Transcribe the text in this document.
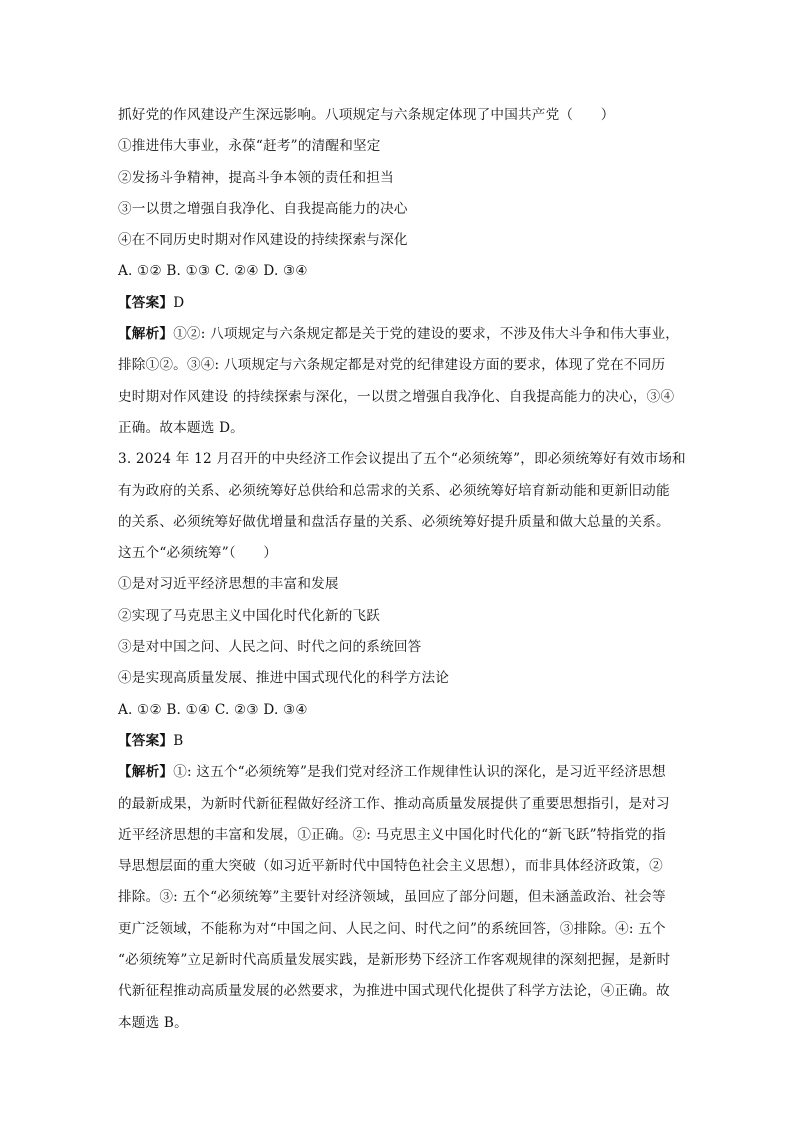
抓好党的作风建设产生深远影响。八项规定与六条规定体现了中国共产党（　　）
①推进伟大事业，永葆“赶考”的清醒和坚定
②发扬斗争精神，提高斗争本领的责任和担当
③一以贯之增强自我净化、自我提高能力的决心
④在不同历史时期对作风建设的持续探索与深化
A. ①② B. ①③ C. ②④ D. ③④
【答案】D
【解析】①②: 八项规定与六条规定都是关于党的建设的要求，不涉及伟大斗争和伟大事业，
排除①②。③④: 八项规定与六条规定都是对党的纪律建设方面的要求，体现了党在不同历
史时期对作风建设 的持续探索与深化，一以贯之增强自我净化、自我提高能力的决心，③④
正确。故本题选 D。
3. 2024 年 12 月召开的中央经济工作会议提出了五个“必须统筹”，即必须统筹好有效市场和
有为政府的关系、必须统筹好总供给和总需求的关系、必须统筹好培育新动能和更新旧动能
的关系、必须统筹好做优增量和盘活存量的关系、必须统筹好提升质量和做大总量的关系。
这五个“必须统筹”（　　）
①是对习近平经济思想的丰富和发展
②实现了马克思主义中国化时代化新的飞跃
③是对中国之问、人民之问、时代之问的系统回答
④是实现高质量发展、推进中国式现代化的科学方法论
A. ①② B. ①④ C. ②③ D. ③④
【答案】B
【解析】①: 这五个“必须统筹”是我们党对经济工作规律性认识的深化，是习近平经济思想
的最新成果，为新时代新征程做好经济工作、推动高质量发展提供了重要思想指引，是对习
近平经济思想的丰富和发展，①正确。②: 马克思主义中国化时代化的“新飞跃”特指党的指
导思想层面的重大突破（如习近平新时代中国特色社会主义思想），而非具体经济政策，②
排除。③: 五个“必须统筹”主要针对经济领域，虽回应了部分问题，但未涵盖政治、社会等
更广泛领域，不能称为对“中国之问、人民之问、时代之问”的系统回答，③排除。④: 五个
“必须统筹”立足新时代高质量发展实践，是新形势下经济工作客观规律的深刻把握，是新时
代新征程推动高质量发展的必然要求，为推进中国式现代化提供了科学方法论，④正确。故
本题选 B。
